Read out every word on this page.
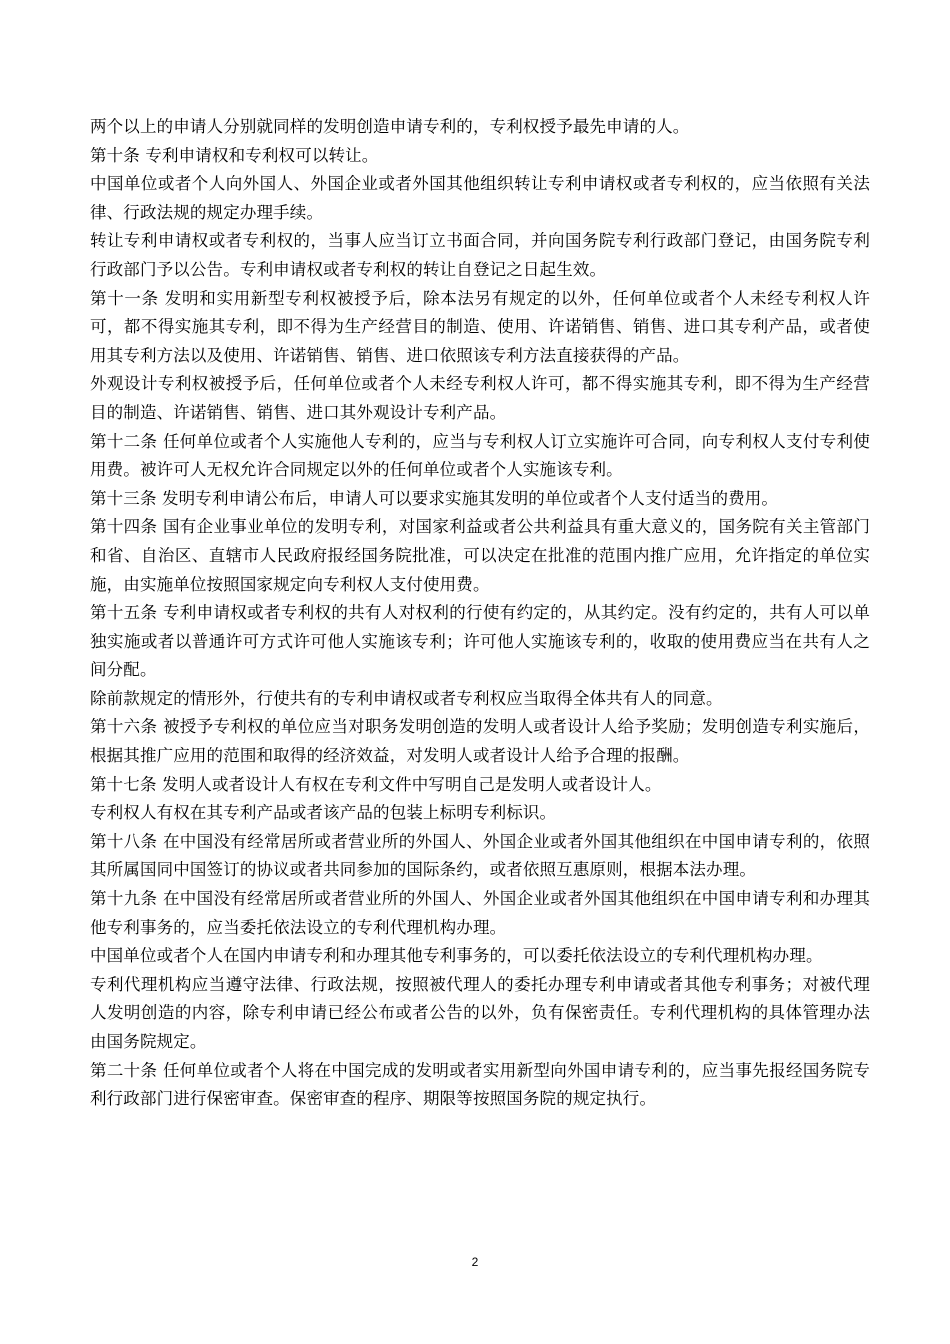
两个以上的申请人分别就同样的发明创造申请专利的，专利权授予最先申请的人。

第十条 专利申请权和专利权可以转让。

中国单位或者个人向外国人、外国企业或者外国其他组织转让专利申请权或者专利权的，应当依照有关法律、行政法规的规定办理手续。

转让专利申请权或者专利权的，当事人应当订立书面合同，并向国务院专利行政部门登记，由国务院专利行政部门予以公告。专利申请权或者专利权的转让自登记之日起生效。

第十一条 发明和实用新型专利权被授予后，除本法另有规定的以外，任何单位或者个人未经专利权人许可，都不得实施其专利，即不得为生产经营目的制造、使用、许诺销售、销售、进口其专利产品，或者使用其专利方法以及使用、许诺销售、销售、进口依照该专利方法直接获得的产品。

外观设计专利权被授予后，任何单位或者个人未经专利权人许可，都不得实施其专利，即不得为生产经营目的制造、许诺销售、销售、进口其外观设计专利产品。

第十二条 任何单位或者个人实施他人专利的，应当与专利权人订立实施许可合同，向专利权人支付专利使用费。被许可人无权允许合同规定以外的任何单位或者个人实施该专利。

第十三条 发明专利申请公布后，申请人可以要求实施其发明的单位或者个人支付适当的费用。

第十四条 国有企业事业单位的发明专利，对国家利益或者公共利益具有重大意义的，国务院有关主管部门和省、自治区、直辖市人民政府报经国务院批准，可以决定在批准的范围内推广应用，允许指定的单位实施，由实施单位按照国家规定向专利权人支付使用费。

第十五条 专利申请权或者专利权的共有人对权利的行使有约定的，从其约定。没有约定的，共有人可以单独实施或者以普通许可方式许可他人实施该专利；许可他人实施该专利的，收取的使用费应当在共有人之间分配。

除前款规定的情形外，行使共有的专利申请权或者专利权应当取得全体共有人的同意。

第十六条 被授予专利权的单位应当对职务发明创造的发明人或者设计人给予奖励；发明创造专利实施后，根据其推广应用的范围和取得的经济效益，对发明人或者设计人给予合理的报酬。

第十七条 发明人或者设计人有权在专利文件中写明自己是发明人或者设计人。

专利权人有权在其专利产品或者该产品的包装上标明专利标识。

第十八条 在中国没有经常居所或者营业所的外国人、外国企业或者外国其他组织在中国申请专利的，依照其所属国同中国签订的协议或者共同参加的国际条约，或者依照互惠原则，根据本法办理。

第十九条 在中国没有经常居所或者营业所的外国人、外国企业或者外国其他组织在中国申请专利和办理其他专利事务的，应当委托依法设立的专利代理机构办理。

中国单位或者个人在国内申请专利和办理其他专利事务的，可以委托依法设立的专利代理机构办理。

专利代理机构应当遵守法律、行政法规，按照被代理人的委托办理专利申请或者其他专利事务；对被代理人发明创造的内容，除专利申请已经公布或者公告的以外，负有保密责任。专利代理机构的具体管理办法由国务院规定。

第二十条 任何单位或者个人将在中国完成的发明或者实用新型向外国申请专利的，应当事先报经国务院专利行政部门进行保密审查。保密审查的程序、期限等按照国务院的规定执行。

2
